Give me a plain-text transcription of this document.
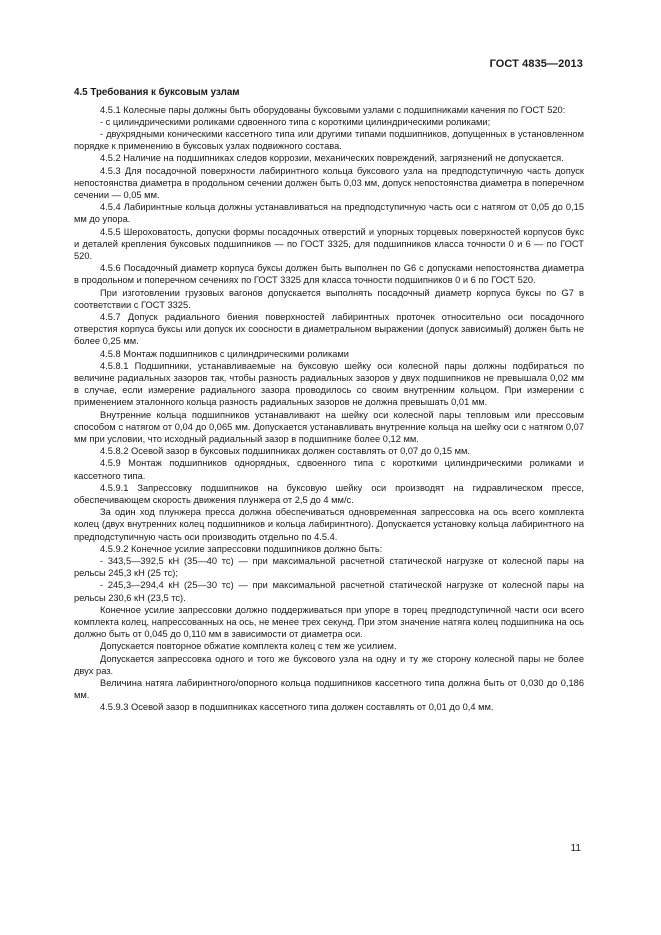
ГОСТ 4835—2013
4.5 Требования к буксовым узлам

4.5.1 Колесные пары должны быть оборудованы буксовыми узлами с подшипниками качения по ГОСТ 520:

- с цилиндрическими роликами сдвоенного типа с короткими цилиндрическими роликами;

- двухрядными коническими кассетного типа или другими типами подшипников, допущенных в установленном порядке к применению в буксовых узлах подвижного состава.

4.5.2 Наличие на подшипниках следов коррозии, механических повреждений, загрязнений не допускается.

4.5.3 Для посадочной поверхности лабиринтного кольца буксового узла на предподступичную часть допуск непостоянства диаметра в продольном сечении должен быть 0,03 мм, допуск непостоянства диаметра в поперечном сечении — 0,05 мм.

4.5.4 Лабиринтные кольца должны устанавливаться на предподступичную часть оси с натягом от 0,05 до 0,15 мм до упора.

4.5.5 Шероховатость, допуски формы посадочных отверстий и упорных торцевых поверхностей корпусов букс и деталей крепления буксовых подшипников — по ГОСТ 3325, для подшипников класса точности 0 и 6 — по ГОСТ 520.

4.5.6 Посадочный диаметр корпуса буксы должен быть выполнен по G6 с допусками непостоянства диаметра в продольном и поперечном сечениях по ГОСТ 3325 для класса точности подшипников 0 и 6 по ГОСТ 520.

При изготовлении грузовых вагонов допускается выполнять посадочный диаметр корпуса буксы по G7 в соответствии с ГОСТ 3325.

4.5.7 Допуск радиального биения поверхностей лабиринтных проточек относительно оси посадочного отверстия корпуса буксы или допуск их соосности в диаметральном выражении (допуск зависимый) должен быть не более 0,25 мм.

4.5.8 Монтаж подшипников с цилиндрическими роликами

4.5.8.1 Подшипники, устанавливаемые на буксовую шейку оси колесной пары должны подбираться по величине радиальных зазоров так, чтобы разность радиальных зазоров у двух подшипников не превышала 0,02 мм в случае, если измерение радиального зазора проводилось со своим внутренним кольцом. При измерении с применением эталонного кольца разность радиальных зазоров не должна превышать 0,01 мм.

Внутренние кольца подшипников устанавливают на шейку оси колесной пары тепловым или прессовым способом с натягом от 0,04 до 0,065 мм. Допускается устанавливать внутренние кольца на шейку оси с натягом 0,07 мм при условии, что исходный радиальный зазор в подшипнике более 0,12 мм.

4.5.8.2 Осевой зазор в буксовых подшипниках должен составлять от 0,07 до 0,15 мм.

4.5.9 Монтаж подшипников однорядных, сдвоенного типа с короткими цилиндрическими роликами и кассетного типа.

4.5.9.1 Запрессовку подшипников на буксовую шейку оси производят на гидравлическом прессе, обеспечивающем скорость движения плунжера от 2,5 до 4 мм/с.

За один ход плунжера пресса должна обеспечиваться одновременная запрессовка на ось всего комплекта колец (двух внутренних колец подшипников и кольца лабиринтного). Допускается установку кольца лабиринтного на предподступичную часть оси производить отдельно по 4.5.4.

4.5.9.2 Конечное усилие запрессовки подшипников должно быть:

- 343,5—392,5 кН (35—40 тс) — при максимальной расчетной статической нагрузке от колесной пары на рельсы 245,3 кН (25 тс);

- 245,3—294,4 кН (25—30 тс) — при максимальной расчетной статической нагрузке от колесной пары на рельсы 230,6 кН (23,5 тс).

Конечное усилие запрессовки должно поддерживаться при упоре в торец предподступичной части оси всего комплекта колец, напрессованных на ось, не менее трех секунд. При этом значение натяга колец подшипника на ось должно быть от 0,045 до 0,110 мм в зависимости от диаметра оси.

Допускается повторное обжатие комплекта колец с тем же усилием.

Допускается запрессовка одного и того же буксового узла на одну и ту же сторону колесной пары не более двух раз.

Величина натяга лабиринтного/опорного кольца подшипников кассетного типа должна быть от 0,030 до 0,186 мм.

4.5.9.3 Осевой зазор в подшипниках кассетного типа должен составлять от 0,01 до 0,4 мм.

11
